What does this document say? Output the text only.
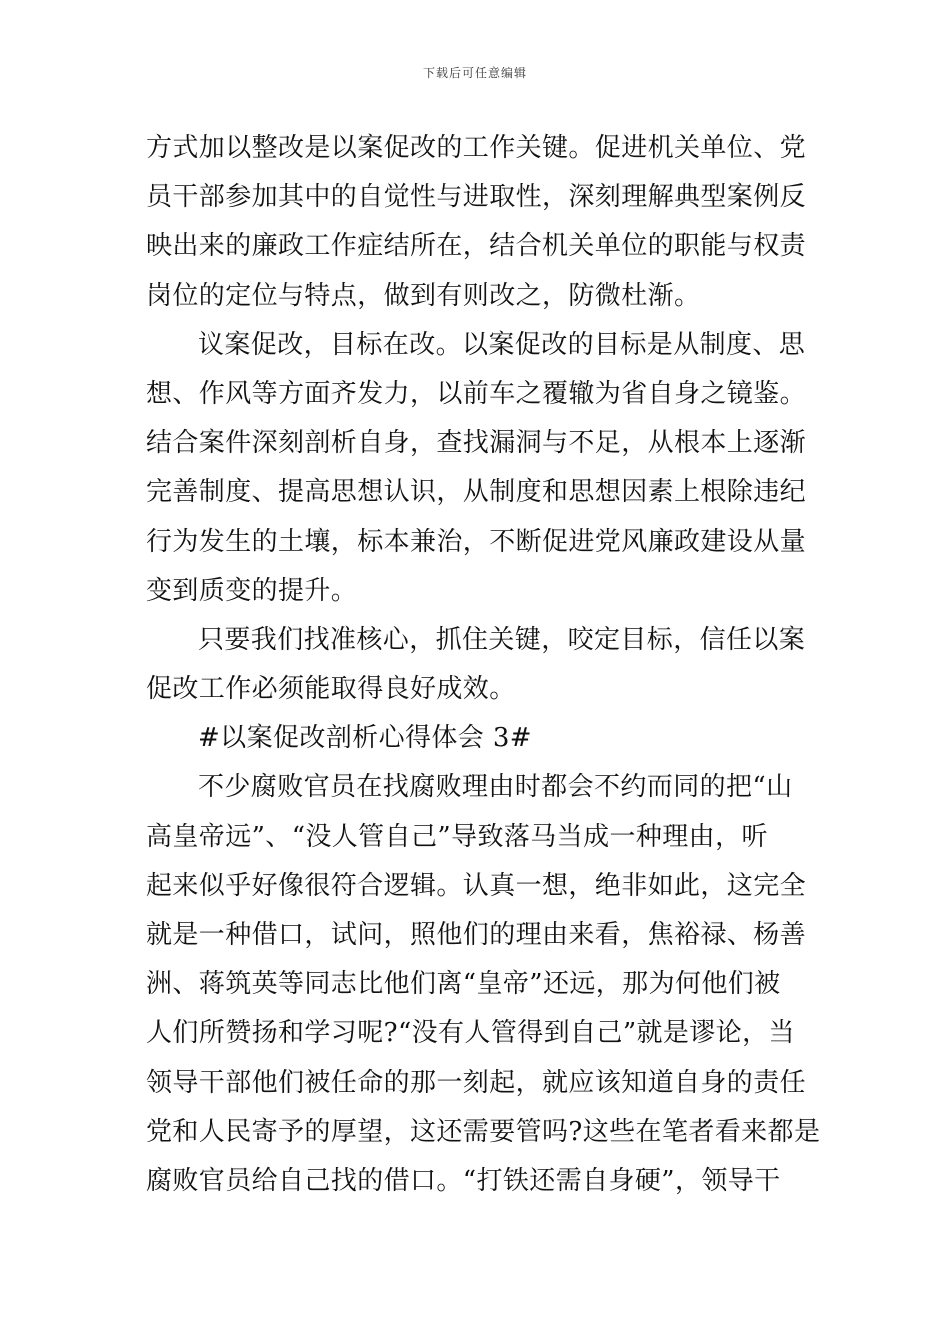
下载后可任意编辑
方式加以整改是以案促改的工作关键。促进机关单位、党
员干部参加其中的自觉性与进取性，深刻理解典型案例反
映出来的廉政工作症结所在，结合机关单位的职能与权责
岗位的定位与特点，做到有则改之，防微杜渐。
议案促改，目标在改。以案促改的目标是从制度、思
想、作风等方面齐发力，以前车之覆辙为省自身之镜鉴。
结合案件深刻剖析自身，查找漏洞与不足，从根本上逐渐
完善制度、提高思想认识，从制度和思想因素上根除违纪
行为发生的土壤，标本兼治，不断促进党风廉政建设从量
变到质变的提升。
只要我们找准核心，抓住关键，咬定目标，信任以案
促改工作必须能取得良好成效。
#以案促改剖析心得体会 3#
不少腐败官员在找腐败理由时都会不约而同的把“山
高皇帝远”、“没人管自己”导致落马当成一种理由，听
起来似乎好像很符合逻辑。认真一想，绝非如此，这完全
就是一种借口，试问，照他们的理由来看，焦裕禄、杨善
洲、蒋筑英等同志比他们离“皇帝”还远，那为何他们被
人们所赞扬和学习呢?“没有人管得到自己”就是谬论，当
领导干部他们被任命的那一刻起，就应该知道自身的责任
党和人民寄予的厚望，这还需要管吗?这些在笔者看来都是
腐败官员给自己找的借口。“打铁还需自身硬”，领导干
